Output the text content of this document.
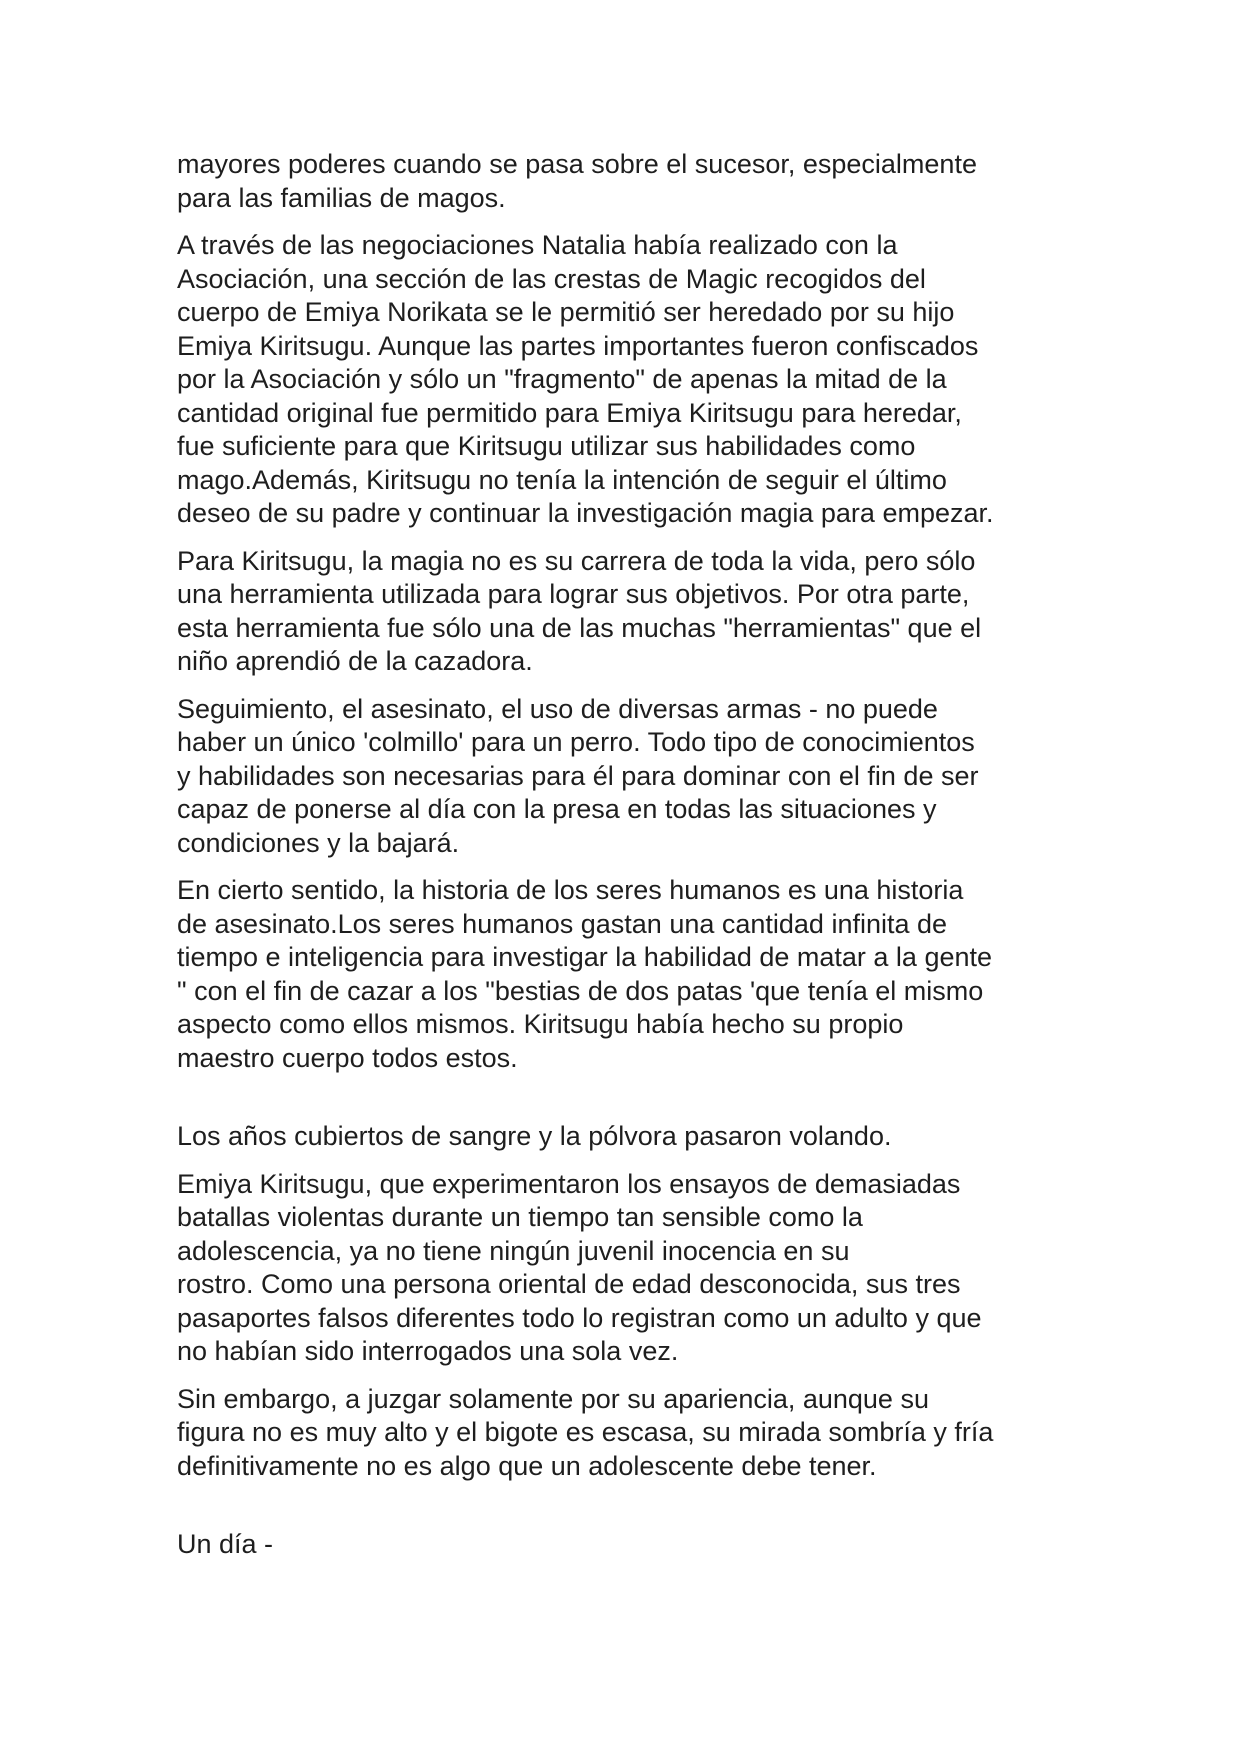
mayores poderes cuando se pasa sobre el sucesor, especialmente
para las familias de magos.

A través de las negociaciones Natalia había realizado con la
Asociación, una sección de las crestas de Magic recogidos del
cuerpo de Emiya Norikata se le permitió ser heredado por su hijo
Emiya Kiritsugu. Aunque las partes importantes fueron confiscados
por la Asociación y sólo un "fragmento" de apenas la mitad de la
cantidad original fue permitido para Emiya Kiritsugu para heredar,
fue suficiente para que Kiritsugu utilizar sus habilidades como
mago.Además, Kiritsugu no tenía la intención de seguir el último
deseo de su padre y continuar la investigación magia para empezar.

Para Kiritsugu, la magia no es su carrera de toda la vida, pero sólo
una herramienta utilizada para lograr sus objetivos. Por otra parte,
esta herramienta fue sólo una de las muchas "herramientas" que el
niño aprendió de la cazadora.

Seguimiento, el asesinato, el uso de diversas armas - no puede
haber un único 'colmillo' para un perro. Todo tipo de conocimientos
y habilidades son necesarias para él para dominar con el fin de ser
capaz de ponerse al día con la presa en todas las situaciones y
condiciones y la bajará.

En cierto sentido, la historia de los seres humanos es una historia
de asesinato.Los seres humanos gastan una cantidad infinita de
tiempo e inteligencia para investigar la habilidad de matar a la gente
" con el fin de cazar a los "bestias de dos patas 'que tenía el mismo
aspecto como ellos mismos. Kiritsugu había hecho su propio
maestro cuerpo todos estos.

Los años cubiertos de sangre y la pólvora pasaron volando.

Emiya Kiritsugu, que experimentaron los ensayos de demasiadas
batallas violentas durante un tiempo tan sensible como la
adolescencia, ya no tiene ningún juvenil inocencia en su
rostro. Como una persona oriental de edad desconocida, sus tres
pasaportes falsos diferentes todo lo registran como un adulto y que
no habían sido interrogados una sola vez.

Sin embargo, a juzgar solamente por su apariencia, aunque su
figura no es muy alto y el bigote es escasa, su mirada sombría y fría
definitivamente no es algo que un adolescente debe tener.

Un día -
